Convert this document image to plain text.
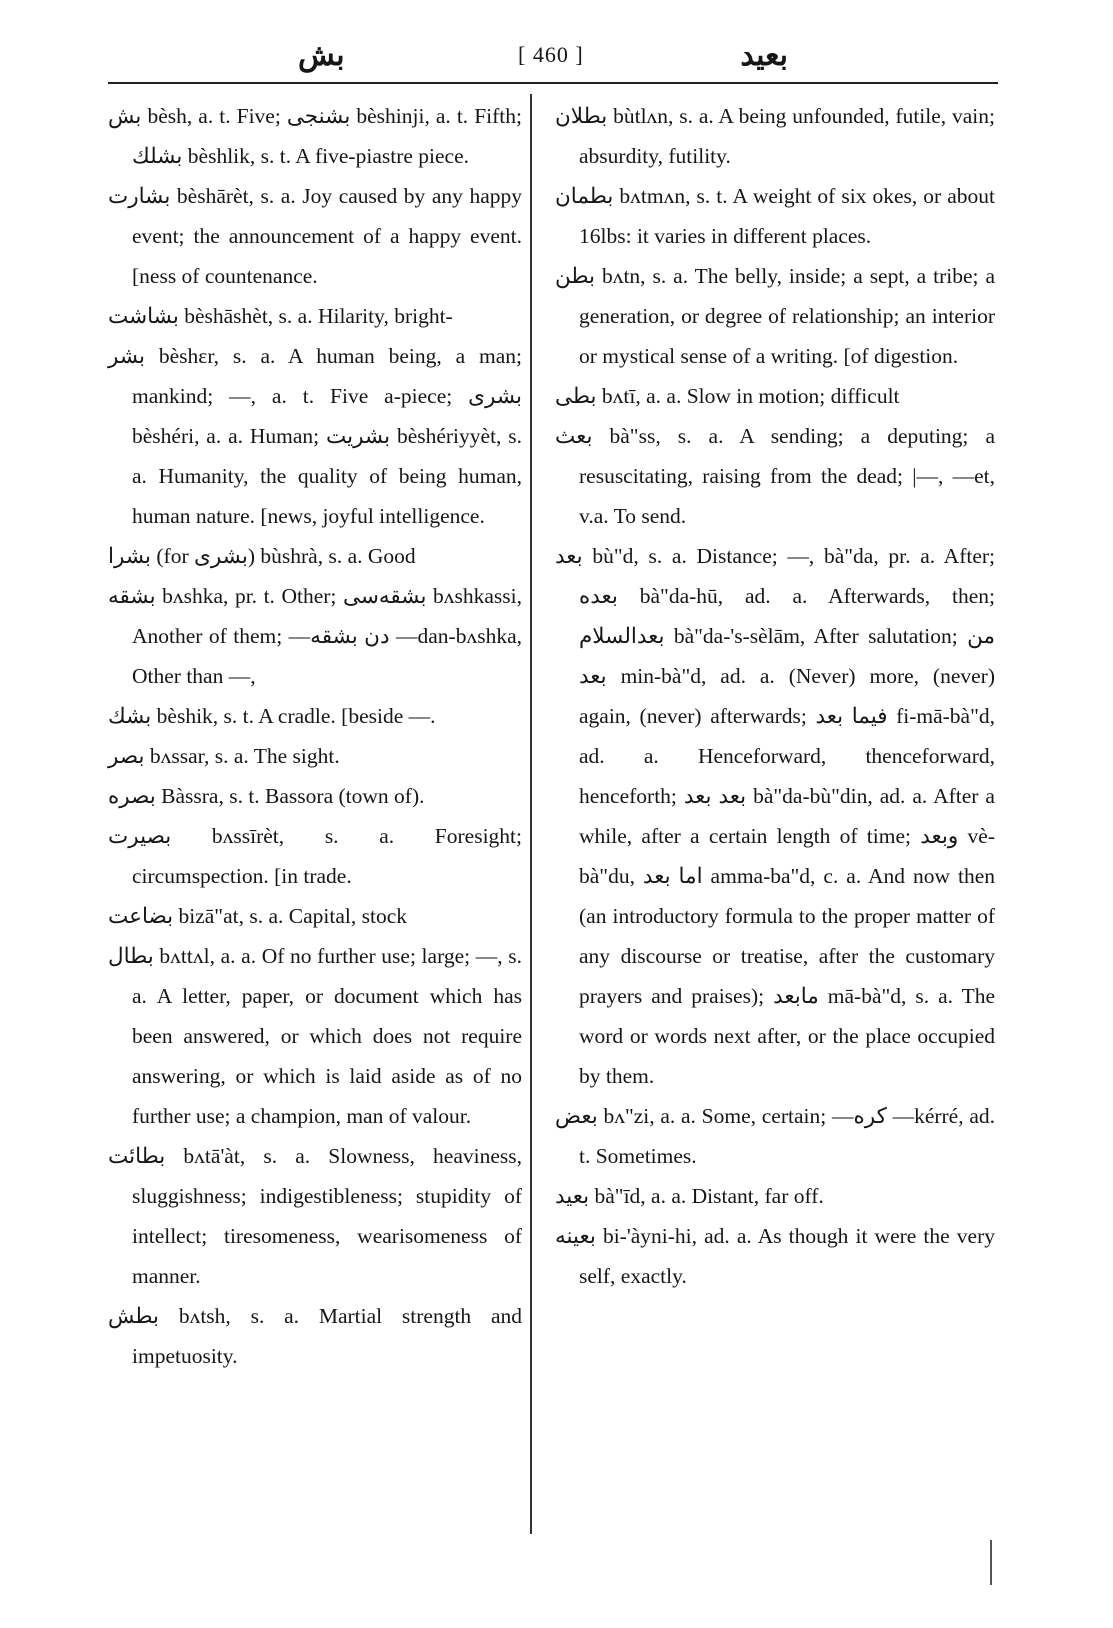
بش	[ 460 ]	بعيد

بش bèsh, a. t. Five; بشنجی bèshinji, a. t. Fifth; بشلك bèshlik, s. t. A five-piastre piece.

بشارت bèshārèt, s. a. Joy caused by any happy event; the announcement of a happy event. [ness of countenance.

بشاشت bèshāshèt, s. a. Hilarity, bright-

بشر bèshɛr, s. a. A human being, a man; mankind; —, a. t. Five a-piece; بشری bèshéri, a. a. Human; بشريت bèshériyyèt, s. a. Humanity, the quality of being human, human nature. [news, joyful intelligence.

بشرا (for بشری) bùshrà, s. a. Good

بشقه bʌshka, pr. t. Other; بشقه‌سی bʌshkassi, Another of them; —دن بشقه —dan-bʌshka, Other than —,

بشك bèshik, s. t. A cradle. [beside —.

بصر bʌssar, s. a. The sight.

بصره Bàssra, s. t. Bassora (town of).

بصيرت bʌssīrèt, s. a. Foresight; circumspection. [in trade.

بضاعت bizā"at, s. a. Capital, stock

بطال bʌttʌl, a. a. Of no further use; large; —, s. a. A letter, paper, or document which has been answered, or which does not require answering, or which is laid aside as of no further use; a champion, man of valour.

بطائت bʌtā'àt, s. a. Slowness, heaviness, sluggishness; indigestibleness; stupidity of intellect; tiresomeness, wearisomeness of manner.

بطش bʌtsh, s. a. Martial strength and impetuosity.

بطلان bùtlʌn, s. a. A being unfounded, futile, vain; absurdity, futility.

بطمان bʌtmʌn, s. t. A weight of six okes, or about 16lbs: it varies in different places.

بطن bʌtn, s. a. The belly, inside; a sept, a tribe; a generation, or degree of relationship; an interior or mystical sense of a writing. [of digestion.

بطی bʌtī, a. a. Slow in motion; difficult

بعث bà"ss, s. a. A sending; a deputing; a resuscitating, raising from the dead; |—, —et, v.a. To send.

بعد bù"d, s. a. Distance; —, bà"da, pr. a. After; بعده bà"da-hū, ad. a. Afterwards, then; بعدالسلام bà"da-'s-sèlām, After salutation; من بعد min-bà"d, ad. a. (Never) more, (never) again, (never) afterwards; فيما بعد fi-mā-bà"d, ad. a. Henceforward, thenceforward, henceforth; بعد بعد bà"da-bù"din, ad. a. After a while, after a certain length of time; وبعد vè-bà"du, اما بعد amma-ba"d, c. a. And now then (an introductory formula to the proper matter of any discourse or treatise, after the customary prayers and praises); مابعد mā-bà"d, s. a. The word or words next after, or the place occupied by them.

بعض bʌ"zi, a. a. Some, certain; —کره —kérré, ad. t. Sometimes.

بعيد bà"īd, a. a. Distant, far off.

بعينه bi-'àyni-hi, ad. a. As though it were the very self, exactly.
